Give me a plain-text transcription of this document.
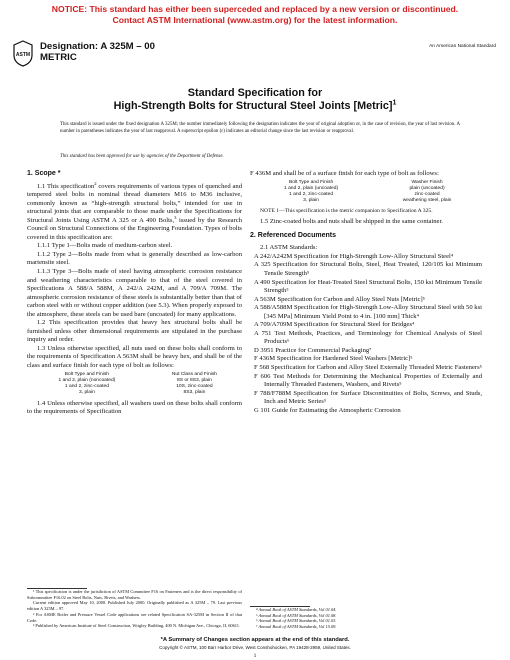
NOTICE: This standard has either been superceded and replaced by a new version or discontinued.
Contact ASTM International (www.astm.org) for the latest information.
ASTM
Designation: A 325M – 00
METRIC
An American National Standard
Standard Specification for
High-Strength Bolts for Structural Steel Joints [Metric]$^1$
This standard is issued under the fixed designation A 325M; the number immediately following the designation indicates the year of original adoption or, in the case of revision, the year of last revision. A number in parentheses indicates the year of last reapproval. A superscript epsilon (ε) indicates an editorial change since the last revision or reapproval.
This standard has been approved for use by agencies of the Department of Defense.

1. Scope *

1.1 This specification$^2$ covers requirements of various types of quenched and tempered steel bolts in nominal thread diameters M16 to M36 inclusive, commonly known as “high-strength structural bolts,” intended for use in structural joints that are comparable to those made under the Specifications for Structural Joints Using ASTM A 325 or A 490 Bolts,$^3$ issued by the Research Council on Structural Connections of the Engineering Foundation. Types of bolts covered in this specification are:

1.1.1 Type 1—Bolts made of medium-carbon steel.

1.1.2 Type 2—Bolts made from what is generally described as low-carbon martensite steel.

1.1.3 Type 3—Bolts made of steel having atmospheric corrosion resistance and weathering characteristics comparable to that of the steel covered in Specifications A 588/A 588M, A 242/A 242M, and A 709/A 709M. The atmospheric corrosion resistance of these steels is substantially better than that of carbon steel with or without copper addition (see 5.3). When properly exposed to the atmosphere, these steels can be used bare (uncoated) for many applications.

1.2 This specification provides that heavy hex structural bolts shall be furnished unless other dimensional requirements are stipulated in the purchase inquiry and order.

1.3 Unless otherwise specified, all nuts used on these bolts shall conform to the requirements of Specification A 563M shall be heavy hex, and shall be of the class and surface finish for each type of bolt as follows:

Bolt Type and Finish	Nut Class and Finish
1 and 2, plain (noncoated)	8S or 8S3, plain
1 and 2, zinc-coated	10S, zinc-coated
3, plain	8S3, plain

1.4 Unless otherwise specified, all washers used on these bolts shall conform to the requirements of Specification

¹ This specification is under the jurisdiction of ASTM Committee F16 on Fasteners and is the direct responsibility of Subcommittee F16.02 on Steel Bolts, Nuts, Rivets, and Washers.

Current edition approved May 10, 2000. Published July 2000. Originally published as A 325M – 79. Last previous edition A 325M – 97.

² For ASME Boiler and Pressure Vessel Code applications see related Specification SA-325M in Section II of that Code.

³ Published by American Institute of Steel Construction, Wrigley Building, 400 N. Michigan Ave., Chicago, IL 60611.

F 436M and shall be of a surface finish for each type of bolt as follows:

Bolt Type and Finish	Washer Finish
1 and 2, plain (uncoated)	plain (uncoated)
1 and 2, zinc-coated	zinc-coated
3, plain	weathering steel, plain

NOTE 1—This specification is the metric companion to Specification A 325.

1.5 Zinc-coated bolts and nuts shall be shipped in the same container.

2. Referenced Documents

2.1 ASTM Standards:

A 242/A242M Specification for High-Strength Low-Alloy Structural Steel⁴

A 325 Specification for Structural Bolts, Steel, Heat Treated, 120/105 ksi Minimum Tensile Strength⁵

A 490 Specification for Heat-Treated Steel Structural Bolts, 150 ksi Minimum Tensile Strength⁵

A 563M Specification for Carbon and Alloy Steel Nuts [Metric]⁵

A 588/A588M Specification for High-Strength Low-Alloy Structural Steel with 50 ksi [345 MPa] Minimum Yield Point to 4 in. [100 mm] Thick⁴

A 709/A709M Specification for Structural Steel for Bridges⁴

A 751 Test Methods, Practices, and Terminology for Chemical Analysis of Steel Products⁶

D 3951 Practice for Commercial Packaging⁷

F 436M Specification for Hardened Steel Washers [Metric]⁵

F 568 Specification for Carbon and Alloy Steel Externally Threaded Metric Fasteners⁵

F 606 Test Methods for Determining the Mechanical Properties of Externally and Internally Threaded Fasteners, Washers, and Rivets⁵

F 788/F788M Specification for Surface Discontinuities of Bolts, Screws, and Studs, Inch and Metric Series⁵

G 101 Guide for Estimating the Atmospheric Corrosion

⁴ Annual Book of ASTM Standards, Vol 01.04.

⁵ Annual Book of ASTM Standards, Vol 01.08.

⁶ Annual Book of ASTM Standards, Vol 01.03.

⁷ Annual Book of ASTM Standards, Vol 15.09.

*A Summary of Changes section appears at the end of this standard.
Copyright © ASTM, 100 Barr Harbor Drive, West Conshohocken, PA 19428-2959, United States.
1
